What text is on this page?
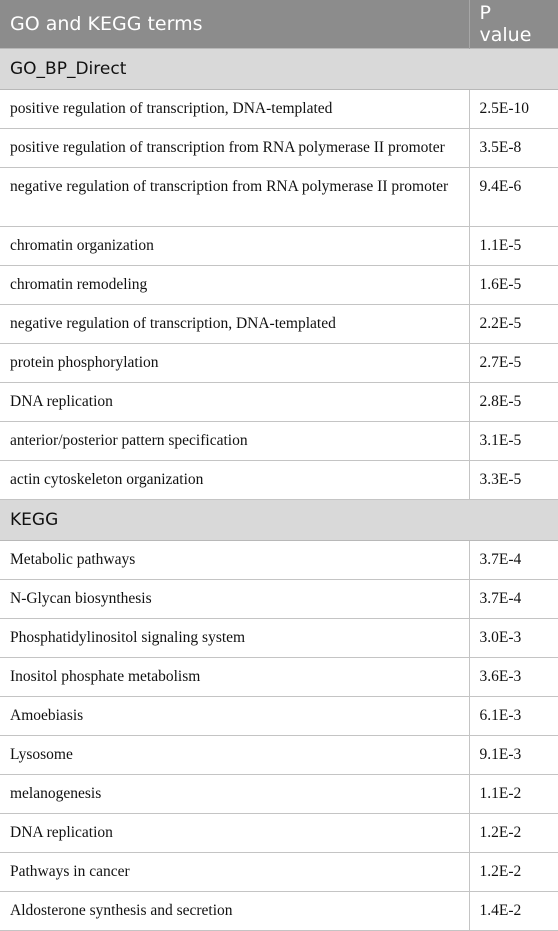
GO and KEGG terms	P value
GO_BP_Direct	
positive regulation of transcription, DNA-templated	2.5E-10
positive regulation of transcription from RNA polymerase II promoter	3.5E-8
negative regulation of transcription from RNA polymerase II promoter	9.4E-6
chromatin organization	1.1E-5
chromatin remodeling	1.6E-5
negative regulation of transcription, DNA-templated	2.2E-5
protein phosphorylation	2.7E-5
DNA replication	2.8E-5
anterior/posterior pattern specification	3.1E-5
actin cytoskeleton organization	3.3E-5
KEGG	
Metabolic pathways	3.7E-4
N-Glycan biosynthesis	3.7E-4
Phosphatidylinositol signaling system	3.0E-3
Inositol phosphate metabolism	3.6E-3
Amoebiasis	6.1E-3
Lysosome	9.1E-3
melanogenesis	1.1E-2
DNA replication	1.2E-2
Pathways in cancer	1.2E-2
Aldosterone synthesis and secretion	1.4E-2
